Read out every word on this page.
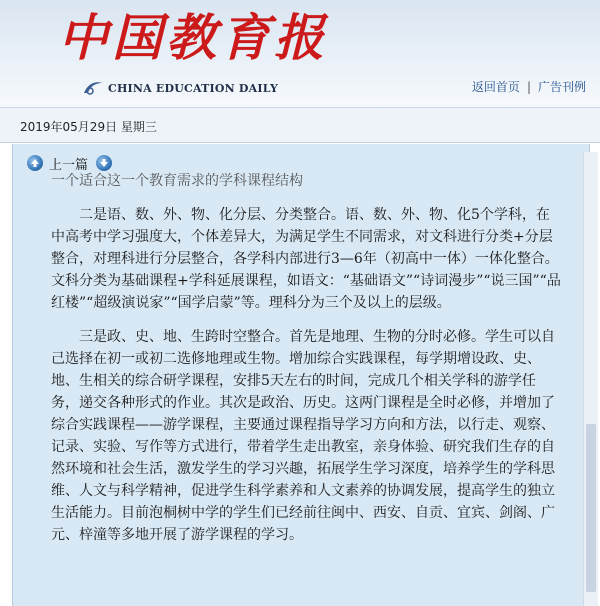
中国教育报
CHINA EDUCATION DAILY	返回首页 | 广告刊例
2019年05月29日 星期三
上一篇

一个适合这一个教育需求的学科课程结构

二是语、数、外、物、化分层、分类整合。语、数、外、物、化5个学科，在中高考中学习强度大，个体差异大，为满足学生不同需求，对文科进行分类+分层整合，对理科进行分层整合，各学科内部进行3—6年（初高中一体）一体化整合。文科分类为基础课程+学科延展课程，如语文：“基础语文”“诗词漫步”“说三国”“品红楼”“超级演说家”“国学启蒙”等。理科分为三个及以上的层级。

三是政、史、地、生跨时空整合。首先是地理、生物的分时必修。学生可以自己选择在初一或初二选修地理或生物。增加综合实践课程，每学期增设政、史、地、生相关的综合研学课程，安排5天左右的时间，完成几个相关学科的游学任务，递交各种形式的作业。其次是政治、历史。这两门课程是全时必修，并增加了综合实践课程——游学课程，主要通过课程指导学习方向和方法，以行走、观察、记录、实验、写作等方式进行，带着学生走出教室，亲身体验、研究我们生存的自然环境和社会生活，激发学生的学习兴趣，拓展学生学习深度，培养学生的学科思维、人文与科学精神，促进学生科学素养和人文素养的协调发展，提高学生的独立生活能力。目前泡桐树中学的学生们已经前往闽中、西安、自贡、宜宾、剑阁、广元、梓潼等多地开展了游学课程的学习。
